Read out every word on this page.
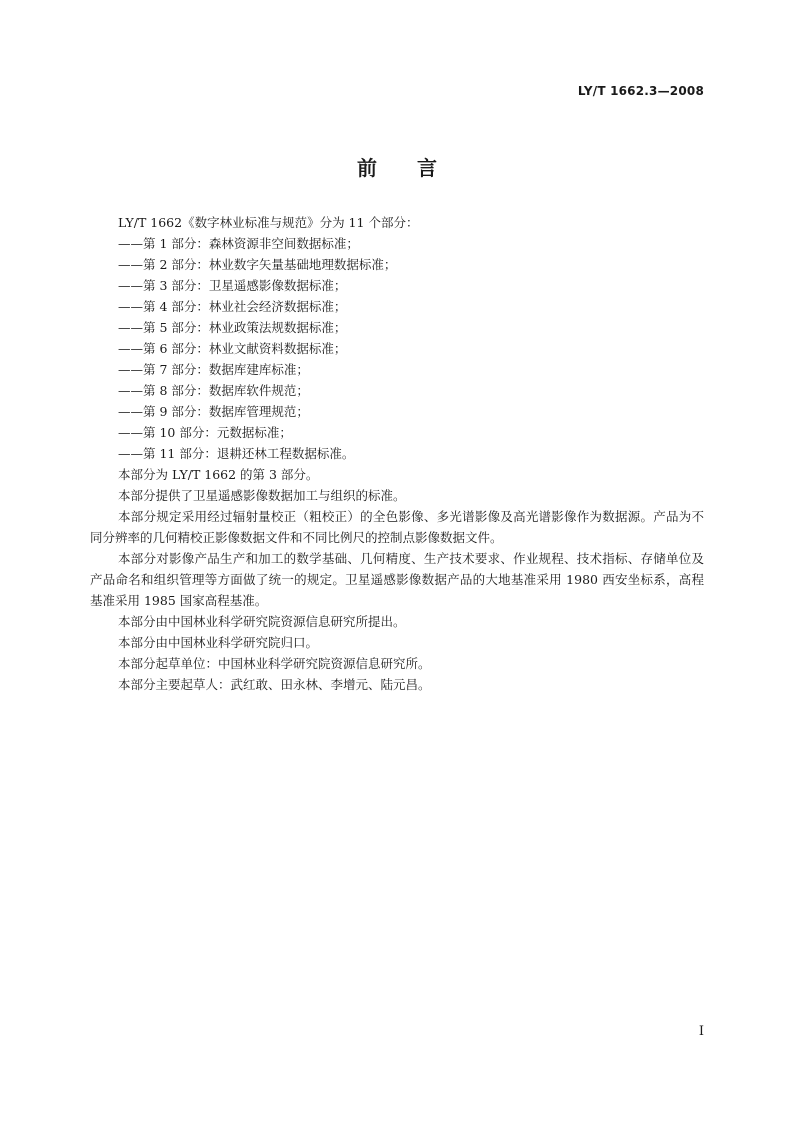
LY/T 1662.3—2008
前言

LY/T 1662《数字林业标准与规范》分为 11 个部分：

——第 1 部分：森林资源非空间数据标准；

——第 2 部分：林业数字矢量基础地理数据标准；

——第 3 部分：卫星遥感影像数据标准；

——第 4 部分：林业社会经济数据标准；

——第 5 部分：林业政策法规数据标准；

——第 6 部分：林业文献资料数据标准；

——第 7 部分：数据库建库标准；

——第 8 部分：数据库软件规范；

——第 9 部分：数据库管理规范；

——第 10 部分：元数据标准；

——第 11 部分：退耕还林工程数据标准。

本部分为 LY/T 1662 的第 3 部分。

本部分提供了卫星遥感影像数据加工与组织的标准。

本部分规定采用经过辐射量校正（粗校正）的全色影像、多光谱影像及高光谱影像作为数据源。产品为不同分辨率的几何精校正影像数据文件和不同比例尺的控制点影像数据文件。

本部分对影像产品生产和加工的数学基础、几何精度、生产技术要求、作业规程、技术指标、存储单位及产品命名和组织管理等方面做了统一的规定。卫星遥感影像数据产品的大地基准采用 1980 西安坐标系，高程基准采用 1985 国家高程基准。

本部分由中国林业科学研究院资源信息研究所提出。

本部分由中国林业科学研究院归口。

本部分起草单位：中国林业科学研究院资源信息研究所。

本部分主要起草人：武红敢、田永林、李增元、陆元昌。

I
